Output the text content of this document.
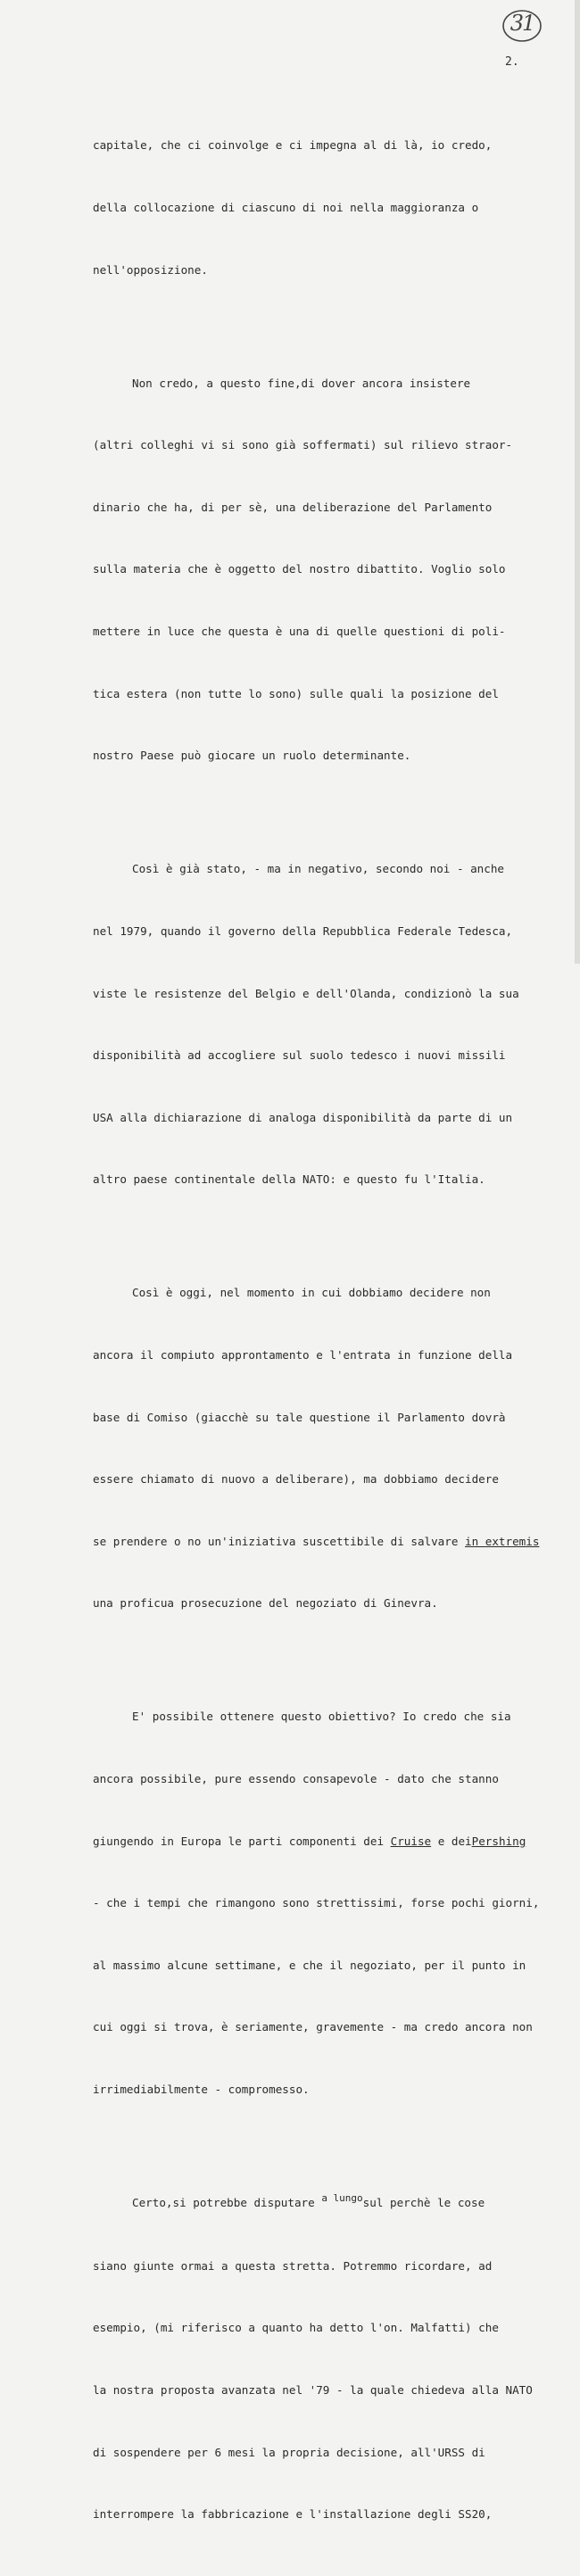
31
2.

capitale, che ci coinvolge e ci impegna al di là, io credo,

della collocazione di ciascuno di noi nella maggioranza o

nell'opposizione.

Non credo, a questo fine,di dover ancora insistere

(altri colleghi vi si sono già soffermati) sul rilievo straor-

dinario che ha, di per sè, una deliberazione del Parlamento

sulla materia che è oggetto del nostro dibattito. Voglio solo

mettere in luce che questa è una di quelle questioni di poli-

tica estera (non tutte lo sono) sulle quali la posizione del

nostro Paese può giocare un ruolo determinante.

Così è già stato, - ma in negativo, secondo noi - anche

nel 1979, quando il governo della Repubblica Federale Tedesca,

viste le resistenze del Belgio e dell'Olanda, condizionò la sua

disponibilità ad accogliere sul suolo tedesco i nuovi missili

USA alla dichiarazione di analoga disponibilità da parte di un

altro paese continentale della NATO: e questo fu l'Italia.

Così è oggi, nel momento in cui dobbiamo decidere non

ancora il compiuto approntamento e l'entrata in funzione della

base di Comiso (giacchè su tale questione il Parlamento dovrà

essere chiamato di nuovo a deliberare), ma dobbiamo decidere

se prendere o no un'iniziativa suscettibile di salvare in extremis

una proficua prosecuzione del negoziato di Ginevra.

E' possibile ottenere questo obiettivo? Io credo che sia

ancora possibile, pure essendo consapevole - dato che stanno

giungendo in Europa le parti componenti dei Cruise e deiPershing

- che i tempi che rimangono sono strettissimi, forse pochi giorni,

al massimo alcune settimane, e che il negoziato, per il punto in

cui oggi si trova, è seriamente, gravemente - ma credo ancora non

irrimediabilmente - compromesso.

Certo,si potrebbe disputare a lungosul perchè le cose

siano giunte ormai a questa stretta. Potremmo ricordare, ad

esempio, (mi riferisco a quanto ha detto l'on. Malfatti) che

la nostra proposta avanzata nel '79 - la quale chiedeva alla NATO

di sospendere per 6 mesi la propria decisione, all'URSS di

interrompere la fabbricazione e l'installazione degli SS20,
